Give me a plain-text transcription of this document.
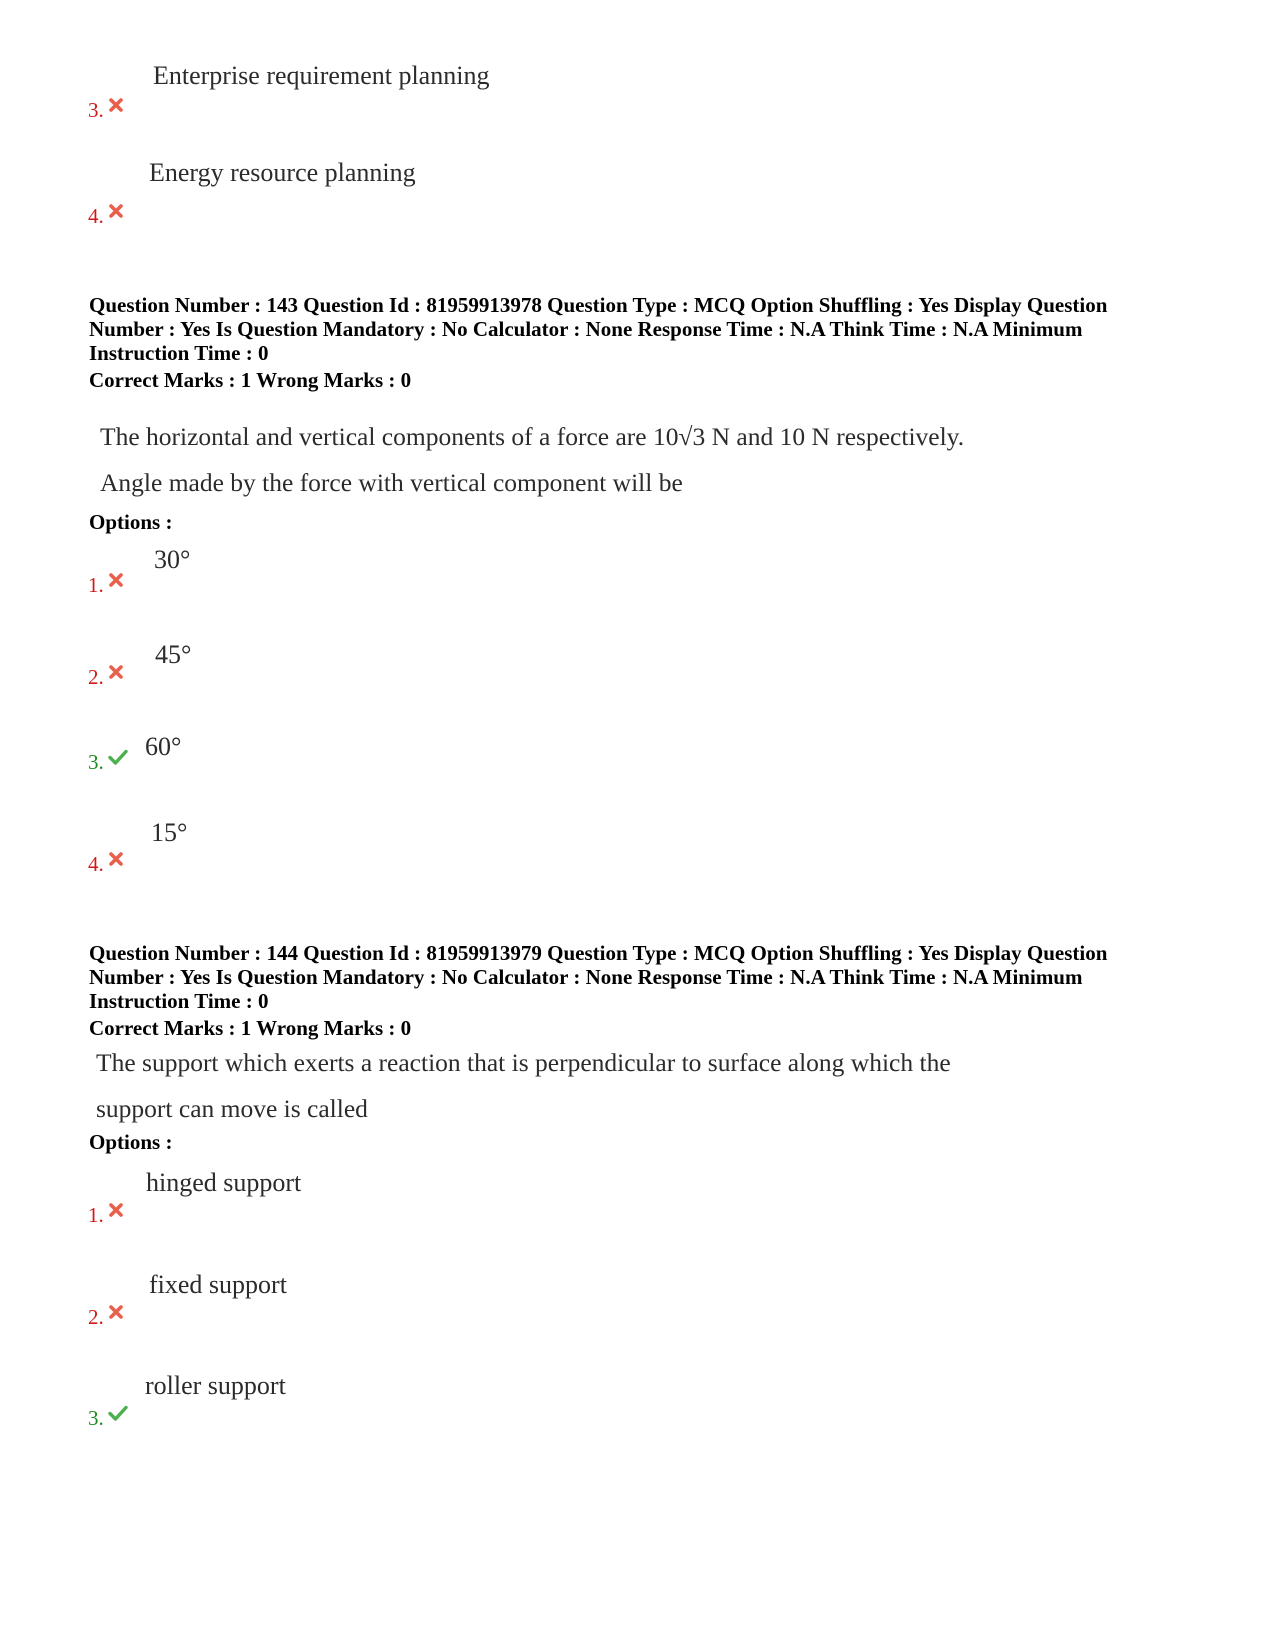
Enterprise requirement planning
3.
Energy resource planning
4.
Question Number : 143 Question Id : 81959913978 Question Type : MCQ Option Shuffling : Yes Display Question
Number : Yes Is Question Mandatory : No Calculator : None Response Time : N.A Think Time : N.A Minimum
Instruction Time : 0
Correct Marks : 1 Wrong Marks : 0
The horizontal and vertical components of a force are 10√3 N and 10 N respectively.
Angle made by the force with vertical component will be
Options :
30°
1.
45°
2.
3.
60°
15°
4.
Question Number : 144 Question Id : 81959913979 Question Type : MCQ Option Shuffling : Yes Display Question
Number : Yes Is Question Mandatory : No Calculator : None Response Time : N.A Think Time : N.A Minimum
Instruction Time : 0
Correct Marks : 1 Wrong Marks : 0
The support which exerts a reaction that is perpendicular to surface along which the
support can move is called
Options :
hinged support
1.
fixed support
2.
roller support
3.
